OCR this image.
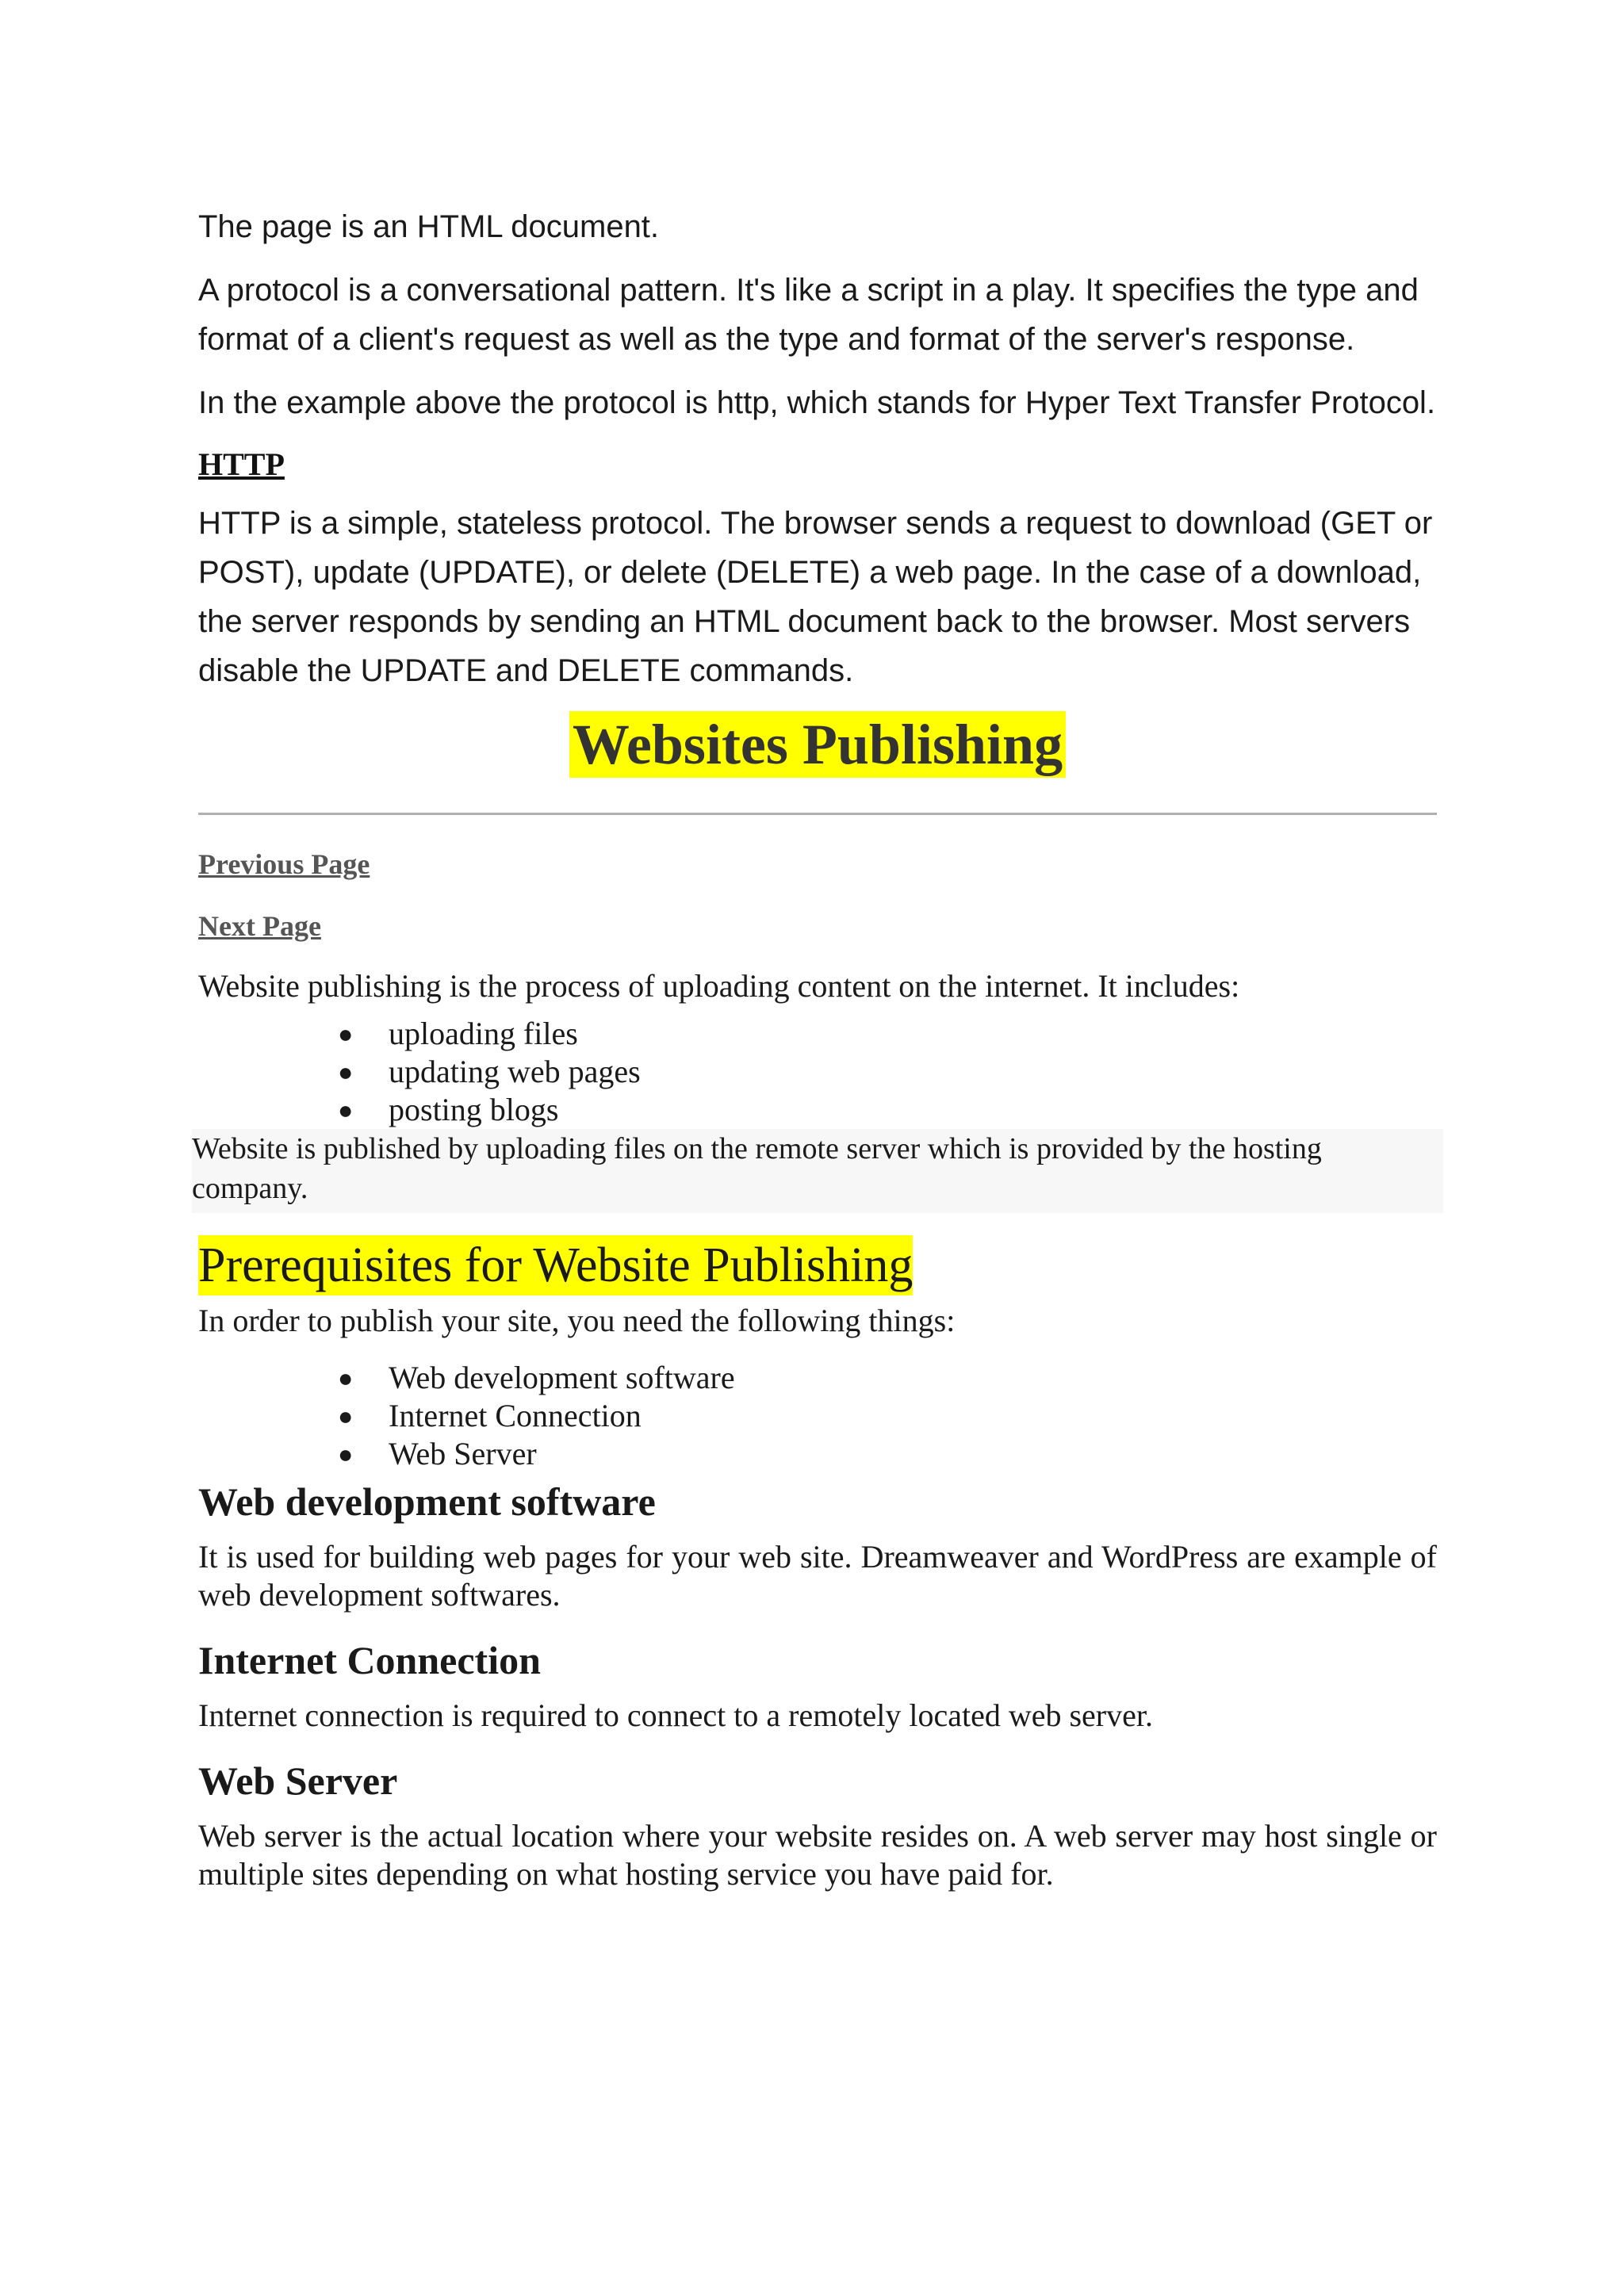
The page is an HTML document.

A protocol is a conversational pattern. It's like a script in a play. It specifies the type and format of a client's request as well as the type and format of the server's response.

In the example above the protocol is http, which stands for Hyper Text Transfer Protocol.

HTTP

HTTP is a simple, stateless protocol. The browser sends a request to download (GET or POST), update (UPDATE), or delete (DELETE) a web page. In the case of a download, the server responds by sending an HTML document back to the browser. Most servers disable the UPDATE and DELETE commands.

Websites Publishing
Previous Page
Next Page

Website publishing is the process of uploading content on the internet. It includes:

● uploading files
● updating web pages
● posting blogs
Website is published by uploading files on the remote server which is provided by the hosting company.
Prerequisites for Website Publishing

In order to publish your site, you need the following things:

● Web development software
● Internet Connection
● Web Server
Web development software

It is used for building web pages for your web site. Dreamweaver and WordPress are example of web development softwares.

Internet Connection

Internet connection is required to connect to a remotely located web server.

Web Server

Web server is the actual location where your website resides on. A web server may host single or multiple sites depending on what hosting service you have paid for.
